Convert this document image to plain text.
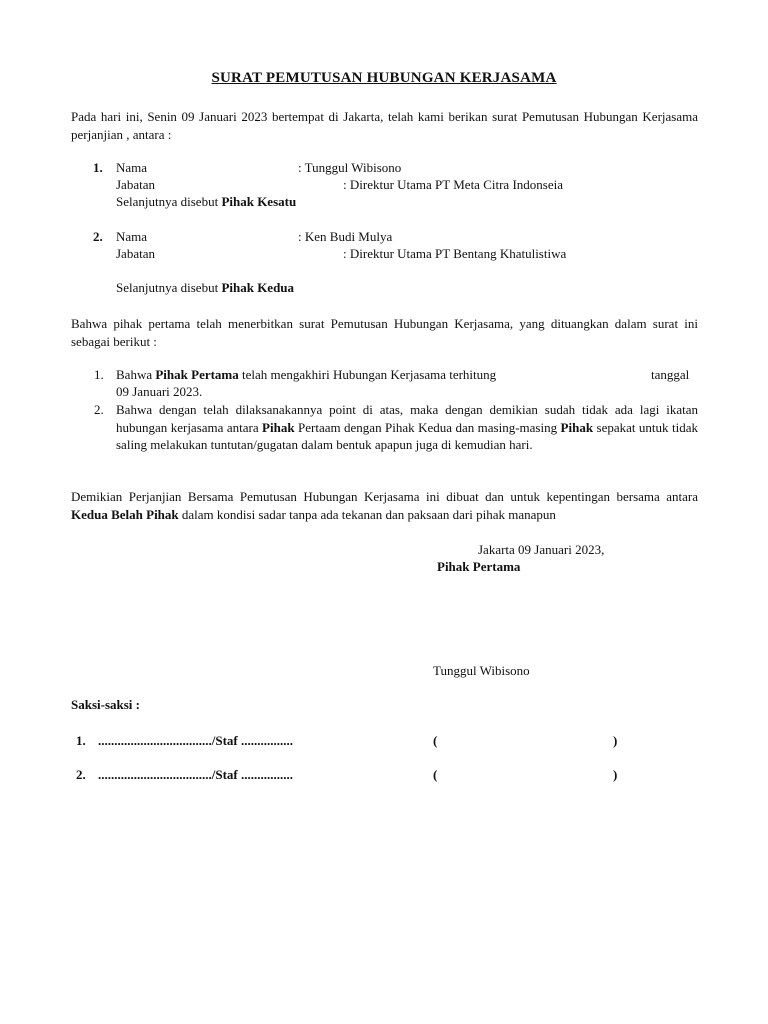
SURAT PEMUTUSAN HUBUNGAN KERJASAMA
Pada hari ini, Senin 09 Januari 2023 bertempat di Jakarta, telah kami berikan surat Pemutusan Hubungan Kerjasama perjanjian , antara :
1. Nama	: Tunggul Wibisono
Jabatan	: Direktur Utama PT Meta Citra Indonseia
Selanjutnya disebut Pihak Kesatu
2. Nama	: Ken Budi Mulya
Jabatan	: Direktur Utama PT Bentang Khatulistiwa
Selanjutnya disebut Pihak Kedua
Bahwa pihak pertama telah menerbitkan surat Pemutusan Hubungan Kerjasama, yang dituangkan dalam surat ini sebagai berikut :
1. Bahwa Pihak Pertama telah mengakhiri Hubungan Kerjasama terhitung	tanggal
09 Januari 2023.
2. Bahwa dengan telah dilaksanakannya point di atas, maka dengan demikian sudah tidak ada lagi ikatan hubungan kerjasama antara Pihak Pertaam dengan Pihak Kedua dan masing-masing Pihak sepakat untuk tidak saling melakukan tuntutan/gugatan dalam bentuk apapun juga di kemudian hari.
Demikian Perjanjian Bersama Pemutusan Hubungan Kerjasama ini dibuat dan untuk kepentingan bersama antara Kedua Belah Pihak dalam kondisi sadar tanpa ada tekanan dan paksaan dari pihak manapun
Jakarta 09 Januari 2023,
Pihak Pertama
Tunggul Wibisono
Saksi-saksi :
1. .................................../Staf ................	(	)
2. .................................../Staf ................	(	)
